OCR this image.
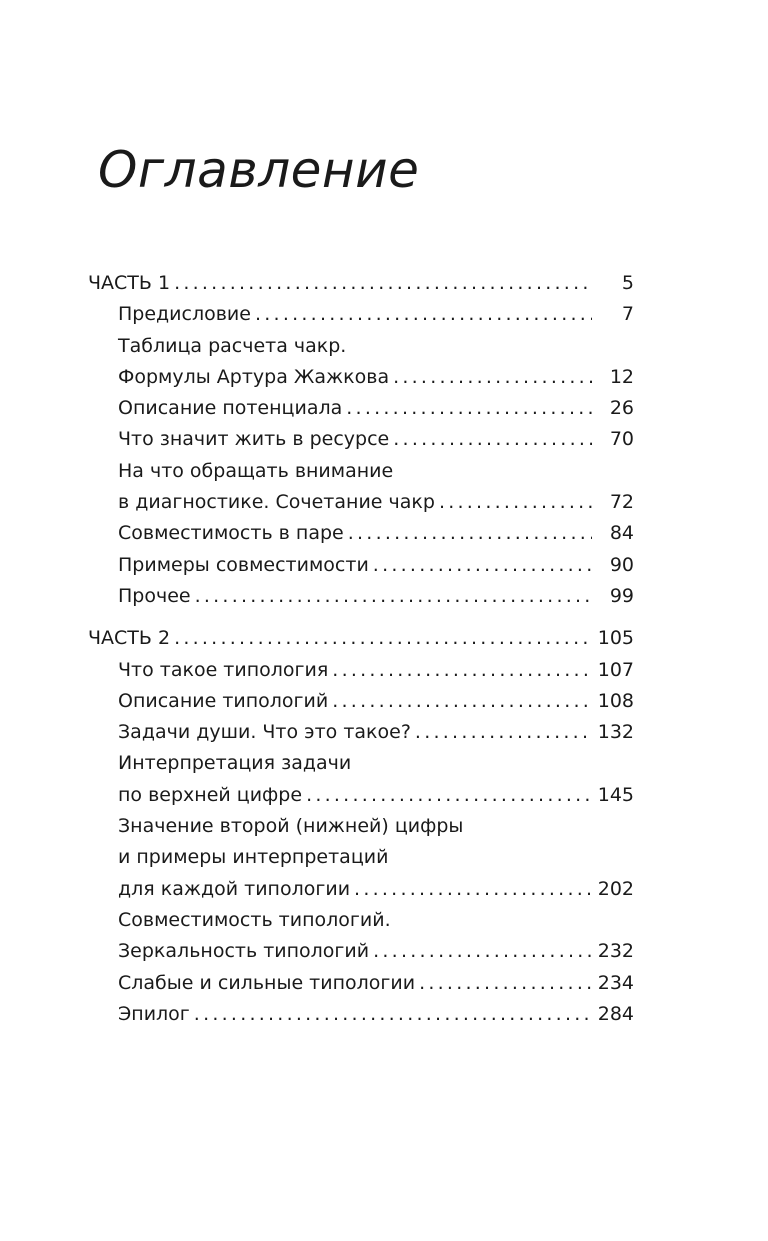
Оглавление
ЧАСТЬ 1 . . .	5
Предисловие . . .	7
Таблица расчета чакр.
Формулы Артура Жажкова . . .	12
Описание потенциала . . .	26
Что значит жить в ресурсе . . .	70
На что обращать внимание
в диагностике. Сочетание чакр . . .	72
Совместимость в паре . . .	84
Примеры совместимости . . .	90
Прочее . . .	99
ЧАСТЬ 2 . . .	105
Что такое типология . . .	107
Описание типологий . . .	108
Задачи души. Что это такое? . . .	132
Интерпретация задачи
по верхней цифре . . .	145
Значение второй (нижней) цифры
и примеры интерпретаций
для каждой типологии . . .	202
Совместимость типологий.
Зеркальность типологий . . .	232
Слабые и сильные типологии . . .	234
Эпилог . . .	284
